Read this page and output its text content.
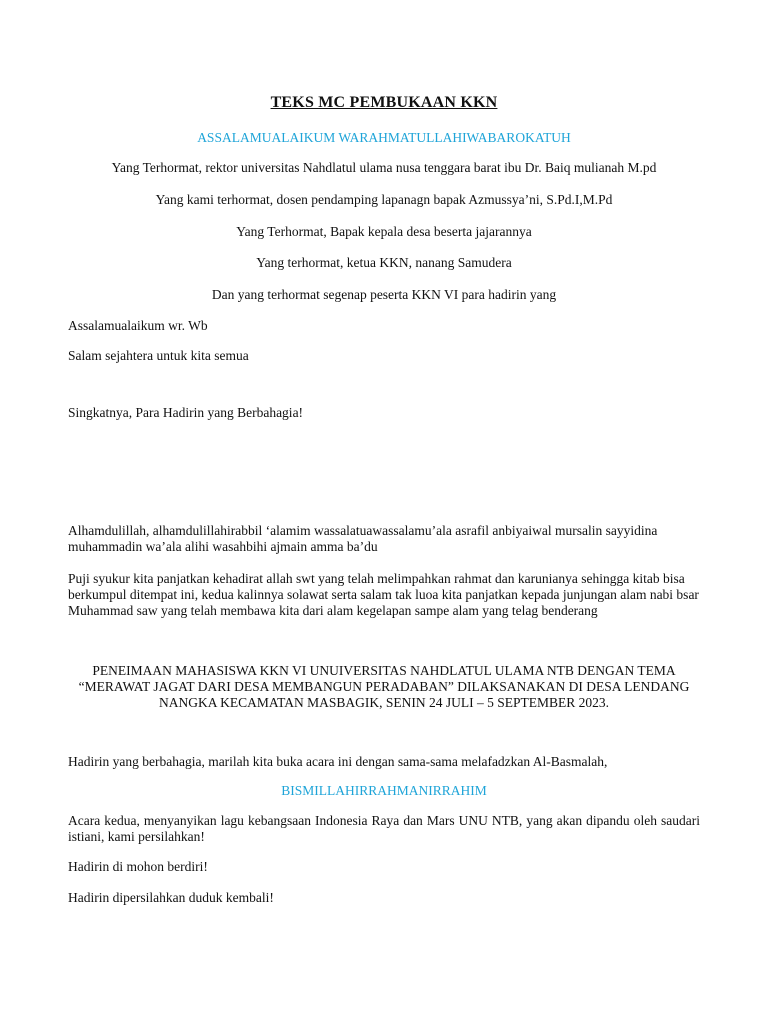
TEKS MC PEMBUKAAN KKN
ASSALAMUALAIKUM WARAHMATULLAHIWABAROKATUH
Yang Terhormat, rektor universitas Nahdlatul ulama nusa tenggara barat ibu Dr. Baiq mulianah M.pd
Yang kami terhormat, dosen pendamping lapanagn bapak Azmussya’ni, S.Pd.I,M.Pd
Yang Terhormat, Bapak kepala desa beserta jajarannya
Yang terhormat, ketua KKN, nanang Samudera
Dan yang terhormat segenap peserta KKN VI para hadirin yang
Assalamualaikum wr. Wb
Salam sejahtera untuk kita semua
Singkatnya, Para Hadirin yang Berbahagia!
Alhamdulillah, alhamdulillahirabbil ‘alamim wassalatuawassalamu’ala asrafil anbiyaiwal mursalin sayyidina muhammadin wa’ala alihi wasahbihi ajmain amma ba’du
Puji syukur kita panjatkan kehadirat allah swt yang telah melimpahkan rahmat dan karunianya sehingga kitab bisa berkumpul ditempat ini, kedua kalinnya solawat serta salam tak luoa kita panjatkan kepada junjungan alam nabi bsar Muhammad saw yang telah membawa kita dari alam kegelapan sampe alam yang telag benderang
PENEIMAAN MAHASISWA KKN VI UNUIVERSITAS NAHDLATUL ULAMA NTB DENGAN TEMA “MERAWAT JAGAT DARI DESA MEMBANGUN PERADABAN” DILAKSANAKAN DI DESA LENDANG NANGKA KECAMATAN MASBAGIK, SENIN 24 JULI – 5 SEPTEMBER 2023.
Hadirin yang berbahagia, marilah kita buka acara ini dengan sama-sama melafadzkan Al-Basmalah,
BISMILLAHIRRAHMANIRRAHIM
Acara kedua, menyanyikan lagu kebangsaan Indonesia Raya dan Mars UNU NTB, yang akan dipandu oleh saudari istiani, kami persilahkan!
Hadirin di mohon berdiri!
Hadirin dipersilahkan duduk kembali!
